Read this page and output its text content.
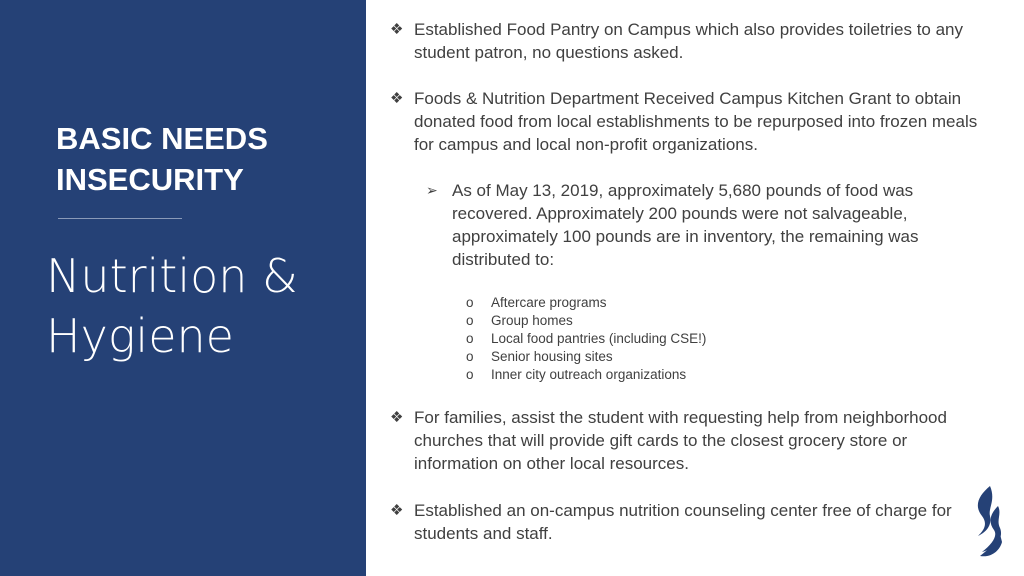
BASIC NEEDS INSECURITY
Nutrition & Hygiene
❖ Established Food Pantry on Campus which also provides toiletries to any student patron, no questions asked.
❖ Foods & Nutrition Department Received Campus Kitchen Grant to obtain donated food from local establishments to be repurposed into frozen meals for campus and local non-profit organizations.
➢ As of May 13, 2019, approximately 5,680 pounds of food was recovered. Approximately 200 pounds were not salvageable, approximately 100 pounds are in inventory, the remaining was distributed to:
o Aftercare programs
o Group homes
o Local food pantries (including CSE!)
o Senior housing sites
o Inner city outreach organizations
❖ For families, assist the student with requesting help from neighborhood churches that will provide gift cards to the closest grocery store or information on other local resources.
❖ Established an on-campus nutrition counseling center free of charge for students and staff.
